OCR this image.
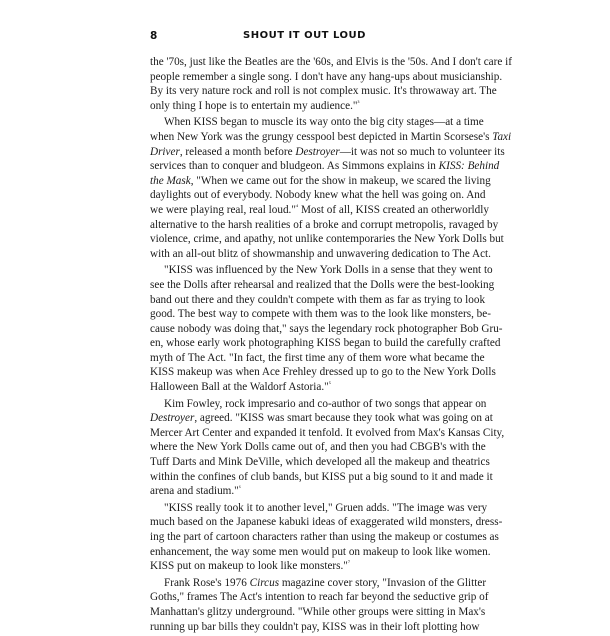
8	SHOUT IT OUT LOUD
the '70s, just like the Beatles are the '60s, and Elvis is the '50s. And I don't care if
people remember a single song. I don't have any hang-ups about musicianship.
By its very nature rock and roll is not complex music. It's throwaway art. The
only thing I hope is to entertain my audience."$^{^3}$
When KISS began to muscle its way onto the big city stages—at a time
when New York was the grungy cesspool best depicted in Martin Scorsese's Taxi
Driver, released a month before Destroyer—it was not so much to volunteer its
services than to conquer and bludgeon. As Simmons explains in KISS: Behind
the Mask, "When we came out for the show in makeup, we scared the living
daylights out of everybody. Nobody knew what the hell was going on. And
we were playing real, real loud."$^{^4}$ Most of all, KISS created an otherworldly
alternative to the harsh realities of a broke and corrupt metropolis, ravaged by
violence, crime, and apathy, not unlike contemporaries the New York Dolls but
with an all-out blitz of showmanship and unwavering dedication to The Act.
"KISS was influenced by the New York Dolls in a sense that they went to
see the Dolls after rehearsal and realized that the Dolls were the best-looking
band out there and they couldn't compete with them as far as trying to look
good. The best way to compete with them was to the look like monsters, be-
cause nobody was doing that," says the legendary rock photographer Bob Gru-
en, whose early work photographing KISS began to build the carefully crafted
myth of The Act. "In fact, the first time any of them wore what became the
KISS makeup was when Ace Frehley dressed up to go to the New York Dolls
Halloween Ball at the Waldorf Astoria."$^{^5}$
Kim Fowley, rock impresario and co-author of two songs that appear on
Destroyer, agreed. "KISS was smart because they took what was going on at
Mercer Art Center and expanded it tenfold. It evolved from Max's Kansas City,
where the New York Dolls came out of, and then you had CBGB's with the
Tuff Darts and Mink DeVille, which developed all the makeup and theatrics
within the confines of club bands, but KISS put a big sound to it and made it
arena and stadium."$^{^6}$
"KISS really took it to another level," Gruen adds. "The image was very
much based on the Japanese kabuki ideas of exaggerated wild monsters, dress-
ing the part of cartoon characters rather than using the makeup or costumes as
enhancement, the way some men would put on makeup to look like women.
KISS put on makeup to look like monsters."$^{^7}$
Frank Rose's 1976 Circus magazine cover story, "Invasion of the Glitter
Goths," frames The Act's intention to reach far beyond the seductive grip of
Manhattan's glitzy underground. "While other groups were sitting in Max's
running up bar bills they couldn't pay, KISS was in their loft plotting how
